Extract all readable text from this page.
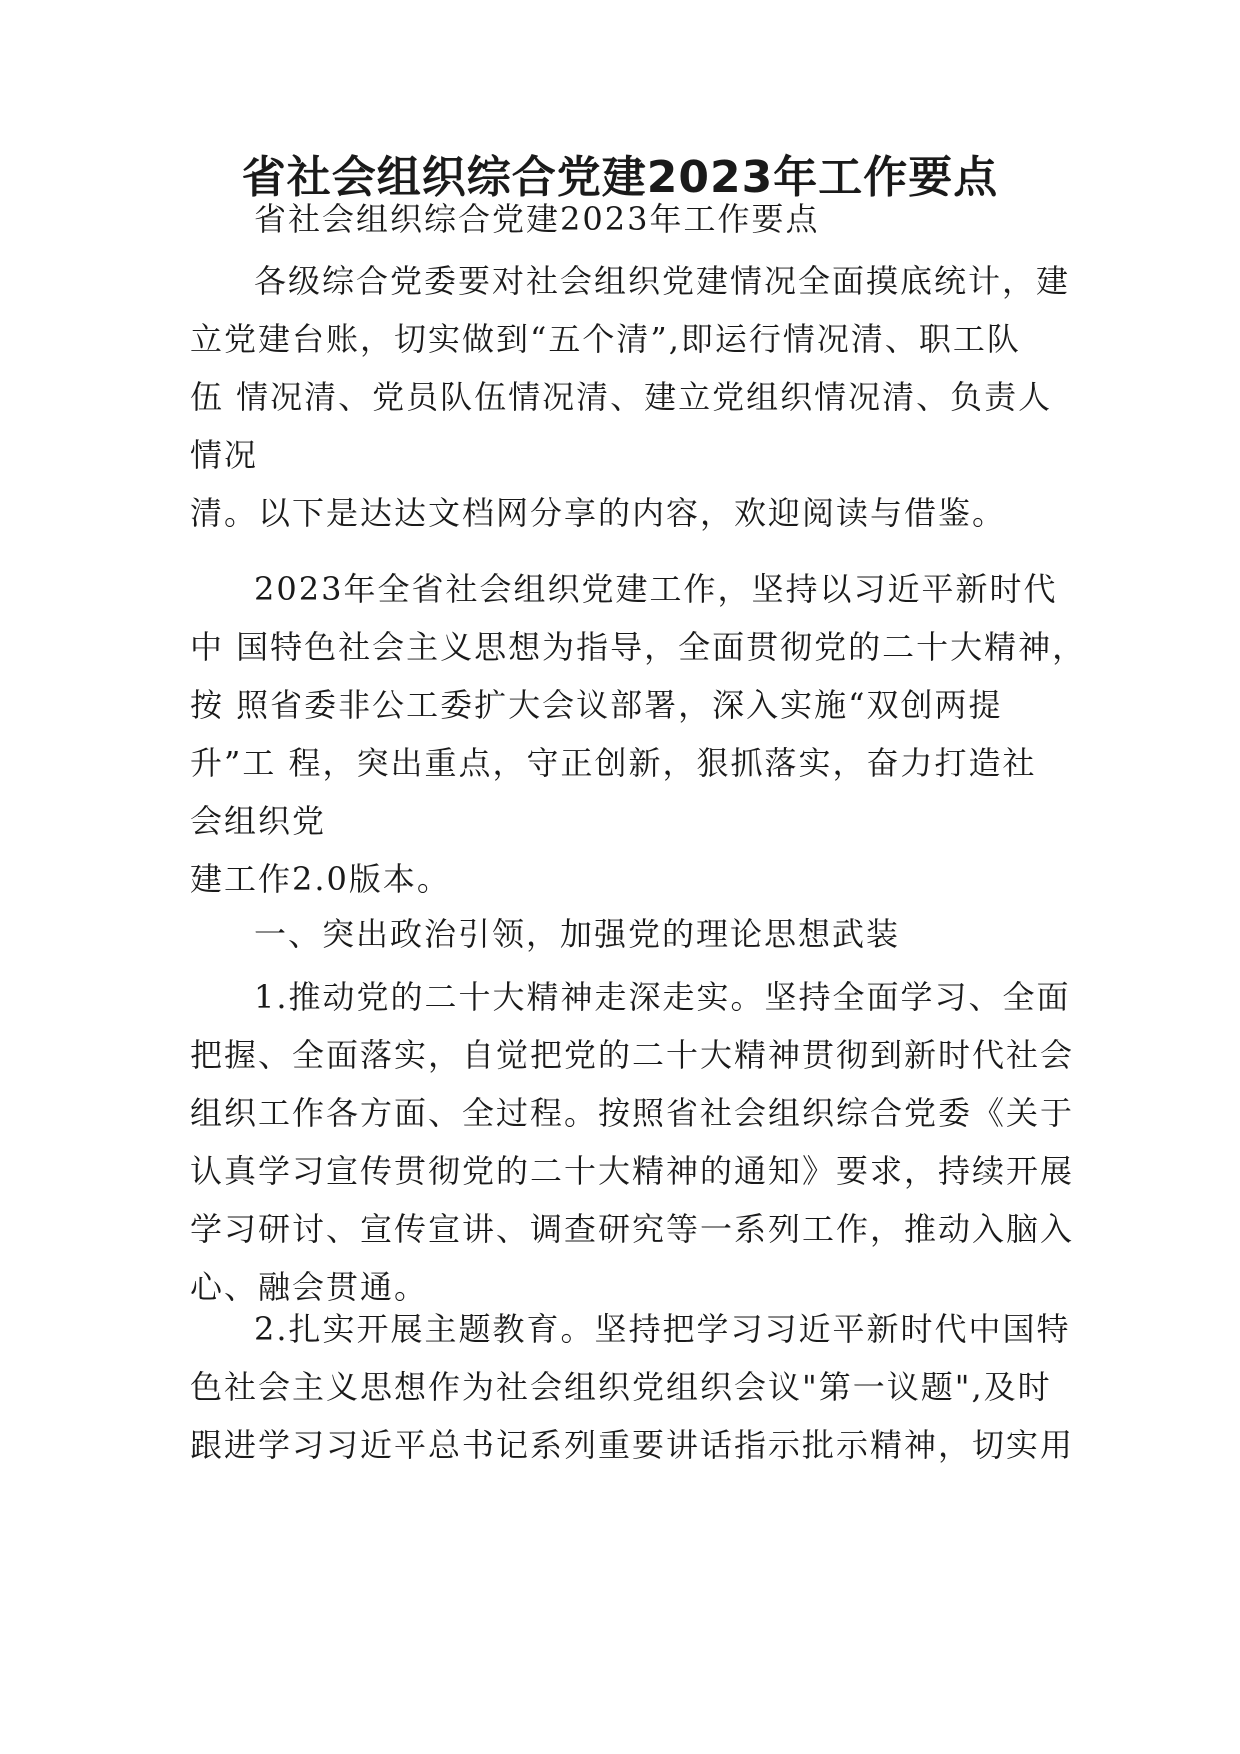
省社会组织综合党建2023年工作要点
省社会组织综合党建2023年工作要点
各级综合党委要对社会组织党建情况全面摸底统计，建
立党建台账，切实做到“五个清”,即运行情况清、职工队
伍 情况清、党员队伍情况清、建立党组织情况清、负责人
情况
清。以下是达达文档网分享的内容，欢迎阅读与借鉴。
2023年全省社会组织党建工作，坚持以习近平新时代
中 国特色社会主义思想为指导，全面贯彻党的二十大精神，
按 照省委非公工委扩大会议部署，深入实施“双创两提
升”工 程，突出重点，守正创新，狠抓落实，奋力打造社
会组织党
建工作2.0版本。
一、突出政治引领，加强党的理论思想武装
1.推动党的二十大精神走深走实。坚持全面学习、全面
把握、全面落实，自觉把党的二十大精神贯彻到新时代社会
组织工作各方面、全过程。按照省社会组织综合党委《关于
认真学习宣传贯彻党的二十大精神的通知》要求，持续开展
学习研讨、宣传宣讲、调查研究等一系列工作，推动入脑入
心、融会贯通。
2.扎实开展主题教育。坚持把学习习近平新时代中国特
色社会主义思想作为社会组织党组织会议"第一议题",及时
跟进学习习近平总书记系列重要讲话指示批示精神，切实用
